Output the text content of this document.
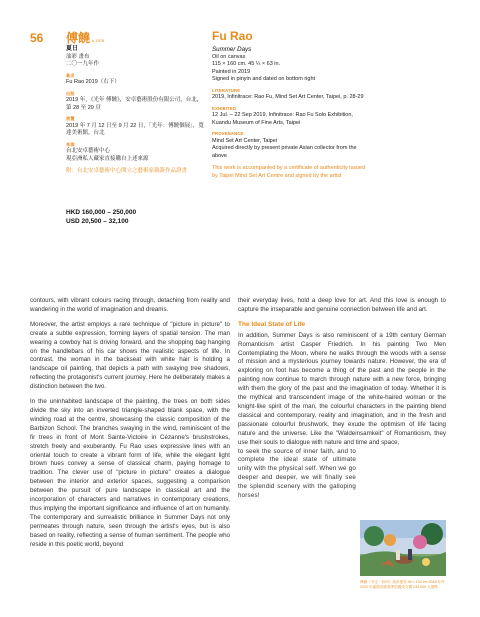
56 傅饒 b.1978	Fu Rao
夏日
油彩 畫布
二〇一九年作
簽名
Fu Rao 2019（右下）
出版
2019 年，《光年 傅饒》，安卓藝術股份有限公司，台北，第 28 至 29 頁
展覽
2019 年 7 月 12 日至 9 月 22 日，「光年：傅饒個展」，寬達美術館，台北
來源
台北安卓藝術中心
現亞洲私人藏家直接購自上述來源
附：台北安卓藝術中心開立之藝術家親簽作品證書
Summer Days
Oil on canvas
115 × 160 cm. 45 ¼ × 63 in.
Painted in 2019
Signed in pinyin and dated on bottom right
LITERATURE
2019, Infinitrace: Rao Fu, Mind Set Art Center, Taipei, p. 28-29
EXHIBITED
12 Jul. – 22 Sep 2019, Infinitrace: Rao Fu Solo Exhibition, Kuandu Museum of Fine Arts, Taipei
PROVENANCE
Mind Set Art Center, Taipei
Acquired directly by present private Asian collector from the above
This work is accompanied by a certificate of authenticity issued by Taipei Mind Set Art Centre and signed by the artist
HKD 160,000 – 250,000
USD 20,500 – 32,100

contours, with vibrant colours racing through, detaching from reality and wandering in the world of imagination and dreams.

Moreover, the artist employs a rare technique of "picture in picture" to create a subtle expression, forming layers of spatial tension. The man wearing a cowboy hat is driving forward, and the shopping bag hanging on the handlebars of his car shows the realistic aspects of life. In contrast, the woman in the backseat with white hair is holding a landscape oil painting, that depicts a path with swaying tree shadows, reflecting the protagonist's current journey. Here he deliberately makes a distinction between the two.

In the uninhabited landscape of the painting, the trees on both sides divide the sky into an inverted triangle-shaped blank space, with the winding road at the centre, showcasing the classic composition of the Barbizon School. The branches swaying in the wind, reminiscent of the fir trees in front of Mont Sainte-Victoire in Cézanne's brushstrokes, stretch freely and exuberantly. Fu Rao uses expressive lines with an oriental touch to create a vibrant form of life, while the elegant light brown hues convey a sense of classical charm, paying homage to tradition. The clever use of "picture in picture" creates a dialogue between the interior and exterior spaces, suggesting a comparison between the pursuit of pure landscape in classical art and the incorporation of characters and narratives in contemporary creations, thus implying the important significance and influence of art on humanity. The contemporary and surrealistic brilliance in Summer Days not only permeates through nature, seen through the artist's eyes, but is also based on reality, reflecting a sense of human sentiment. The people who reside in this poetic world, beyond

their everyday lives, hold a deep love for art. And this love is enough to capture the inseparable and genuine connection between life and art.

The Ideal State of Life

In addition, Summer Days is also reminiscent of a 19th century German Romanticism artist Casper Friedrich. In his painting Two Men Contemplating the Moon, where he walks through the woods with a sense of mission and a mysterious journey towards nature. However, the era of exploring on foot has become a thing of the past and the people in the painting now continue to march through nature with a new force, bringing with them the glory of the past and the imagination of today. Whether it is the mythical and transcendent image of the white-haired woman or the knight-like spirit of the man, the colourful characters in the painting blend classical and contemporary, reality and imagination, and in the fresh and passionate colourful brushwork, they exude the optimism of life facing nature and the universe. Like the "Waldeinsamkeit" of Romanticism, they use their souls to dialogue with nature and time and space,

to seek the source of inner faith, and to complete the ideal state of ultimate unity with the physical self. When we go deeper and deeper, we will finally see the splendid scenery with the galloping horses!

傅饒《今生・如何》油彩畫布 90 × 130 cm 2018 年作 2022 年嘉德香港春季拍賣成交價 234,000 元港幣
